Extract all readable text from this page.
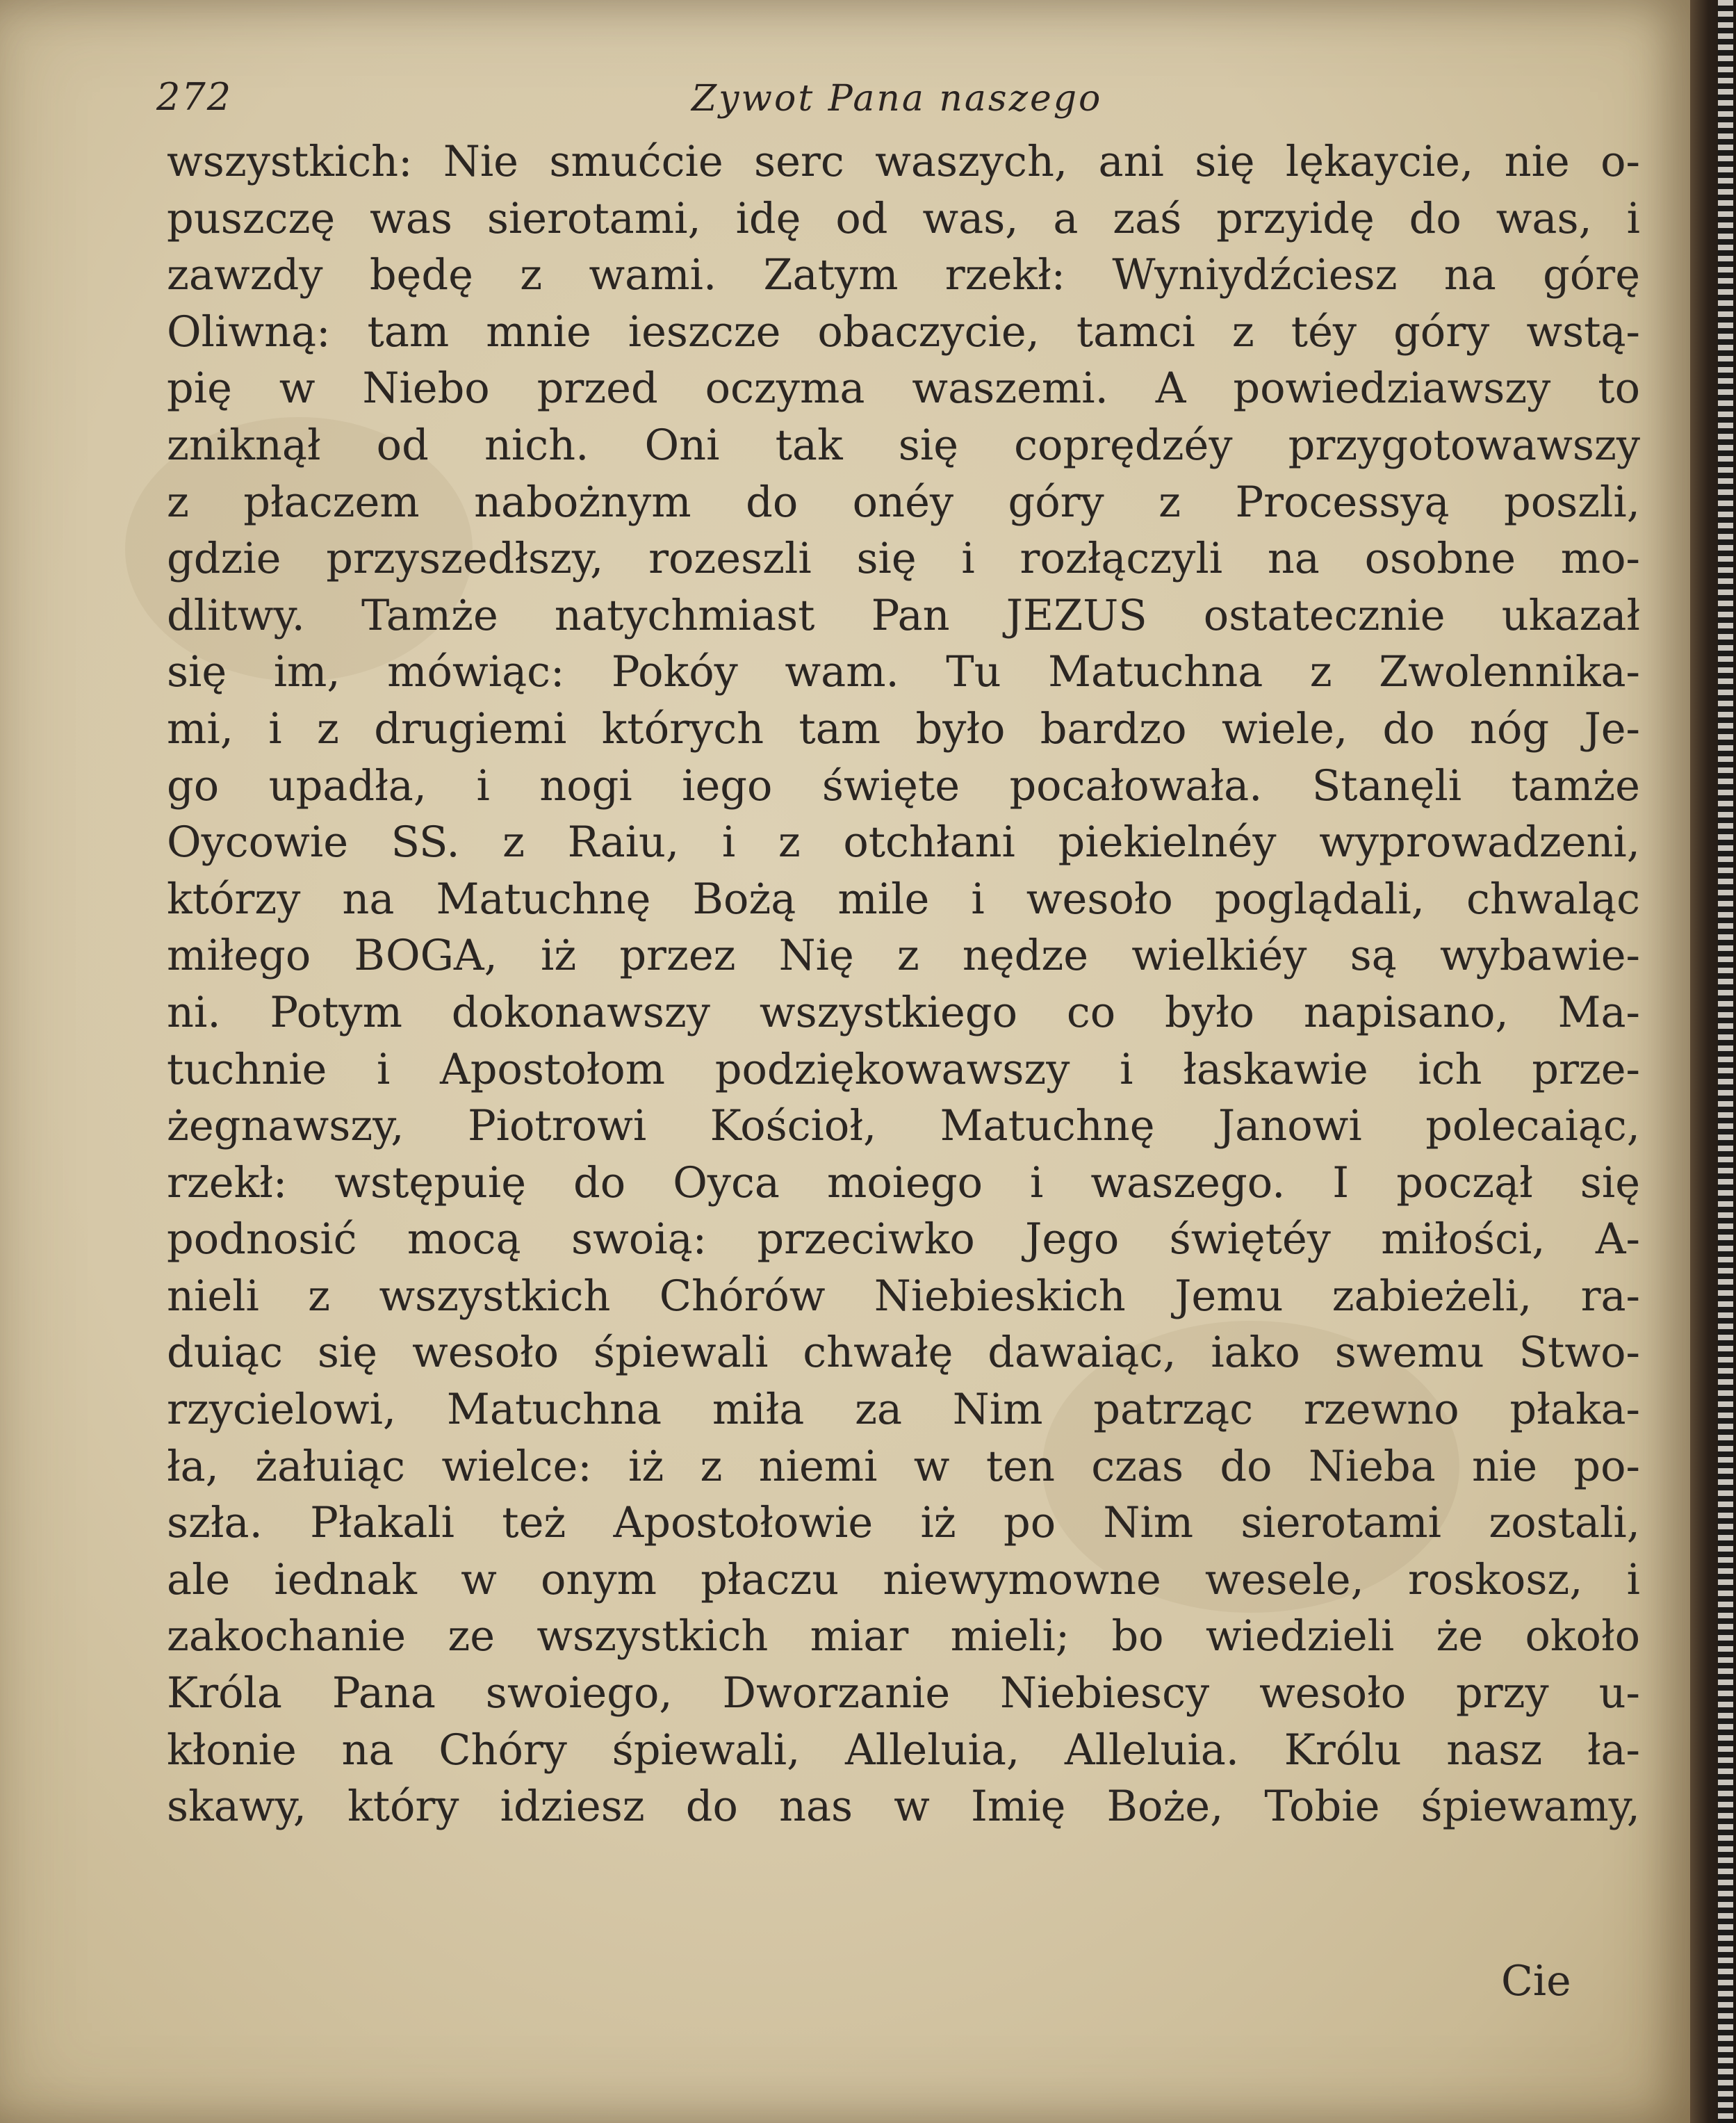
272	Zywot Pana naszego
wszystkich: Nie smućcie serc waszych, ani się lękaycie, nie o-
puszczę was sierotami, idę od was, a zaś przyidę do was, i
zawzdy będę z wami. Zatym rzekł: Wyniydźciesz na górę
Oliwną: tam mnie ieszcze obaczycie, tamci z téy góry wstą-
pię w Niebo przed oczyma waszemi. A powiedziawszy to
zniknął od nich. Oni tak się coprędzéy przygotowawszy
z płaczem nabożnym do onéy góry z Processyą poszli,
gdzie przyszedłszy, rozeszli się i rozłączyli na osobne mo-
dlitwy. Tamże natychmiast Pan JEZUS ostatecznie ukazał
się im, mówiąc: Pokóy wam. Tu Matuchna z Zwolennika-
mi, i z drugiemi których tam było bardzo wiele, do nóg Je-
go upadła, i nogi iego święte pocałowała. Stanęli tamże
Oycowie SS. z Raiu, i z otchłani piekielnéy wyprowadzeni,
którzy na Matuchnę Bożą mile i wesoło poglądali, chwaląc
miłego BOGA, iż przez Nię z nędze wielkiéy są wybawie-
ni. Potym dokonawszy wszystkiego co było napisano, Ma-
tuchnie i Apostołom podziękowawszy i łaskawie ich prze-
żegnawszy, Piotrowi Kościoł, Matuchnę Janowi polecaiąc,
rzekł: wstępuię do Oyca moiego i waszego. I począł się
podnosić mocą swoią: przeciwko Jego świętéy miłości, A-
nieli z wszystkich Chórów Niebieskich Jemu zabieżeli, ra-
duiąc się wesoło śpiewali chwałę dawaiąc, iako swemu Stwo-
rzycielowi, Matuchna miła za Nim patrząc rzewno płaka-
ła, żałuiąc wielce: iż z niemi w ten czas do Nieba nie po-
szła. Płakali też Apostołowie iż po Nim sierotami zostali,
ale iednak w onym płaczu niewymowne wesele, roskosz, i
zakochanie ze wszystkich miar mieli; bo wiedzieli że około
Króla Pana swoiego, Dworzanie Niebiescy wesoło przy u-
kłonie na Chóry śpiewali, Alleluia, Alleluia. Królu nasz ła-
skawy, który idziesz do nas w Imię Boże, Tobie śpiewamy,
Cie
